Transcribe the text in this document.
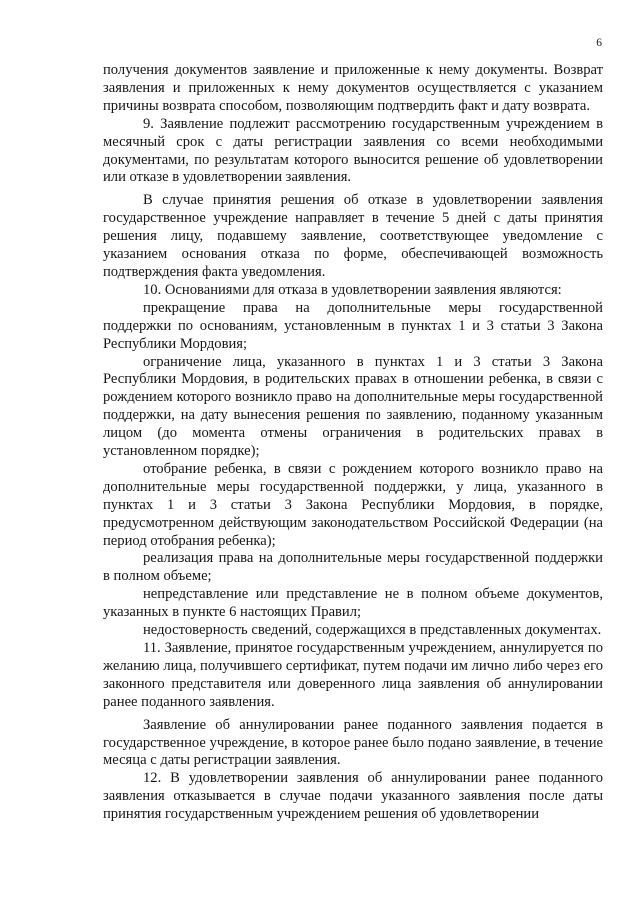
6

получения документов заявление и приложенные к нему документы. Возврат заявления и приложенных к нему документов осуществляется с указанием причины возврата способом, позволяющим подтвердить факт и дату возврата.

9. Заявление подлежит рассмотрению государственным учреждением в месячный срок с даты регистрации заявления со всеми необходимыми документами, по результатам которого выносится решение об удовлетворении или отказе в удовлетворении заявления.

В случае принятия решения об отказе в удовлетворении заявления государственное учреждение направляет в течение 5 дней с даты принятия решения лицу, подавшему заявление, соответствующее уведомление с указанием основания отказа по форме, обеспечивающей возможность подтверждения факта уведомления.

10. Основаниями для отказа в удовлетворении заявления являются:

прекращение права на дополнительные меры государственной поддержки по основаниям, установленным в пунктах 1 и 3 статьи 3 Закона Республики Мордовия;

ограничение лица, указанного в пунктах 1 и 3 статьи 3 Закона Республики Мордовия, в родительских правах в отношении ребенка, в связи с рождением которого возникло право на дополнительные меры государственной поддержки, на дату вынесения решения по заявлению, поданному указанным лицом (до момента отмены ограничения в родительских правах в установленном порядке);

отобрание ребенка, в связи с рождением которого возникло право на дополнительные меры государственной поддержки, у лица, указанного в пунктах 1 и 3 статьи 3 Закона Республики Мордовия, в порядке, предусмотренном действующим законодательством Российской Федерации (на период отобрания ребенка);

реализация права на дополнительные меры государственной поддержки в полном объеме;

непредставление или представление не в полном объеме документов, указанных в пункте 6 настоящих Правил;

недостоверность сведений, содержащихся в представленных документах.

11. Заявление, принятое государственным учреждением, аннулируется по желанию лица, получившего сертификат, путем подачи им лично либо через его законного представителя или доверенного лица заявления об аннулировании ранее поданного заявления.

Заявление об аннулировании ранее поданного заявления подается в государственное учреждение, в которое ранее было подано заявление, в течение месяца с даты регистрации заявления.

12. В удовлетворении заявления об аннулировании ранее поданного заявления отказывается в случае подачи указанного заявления после даты принятия государственным учреждением решения об удовлетворении
